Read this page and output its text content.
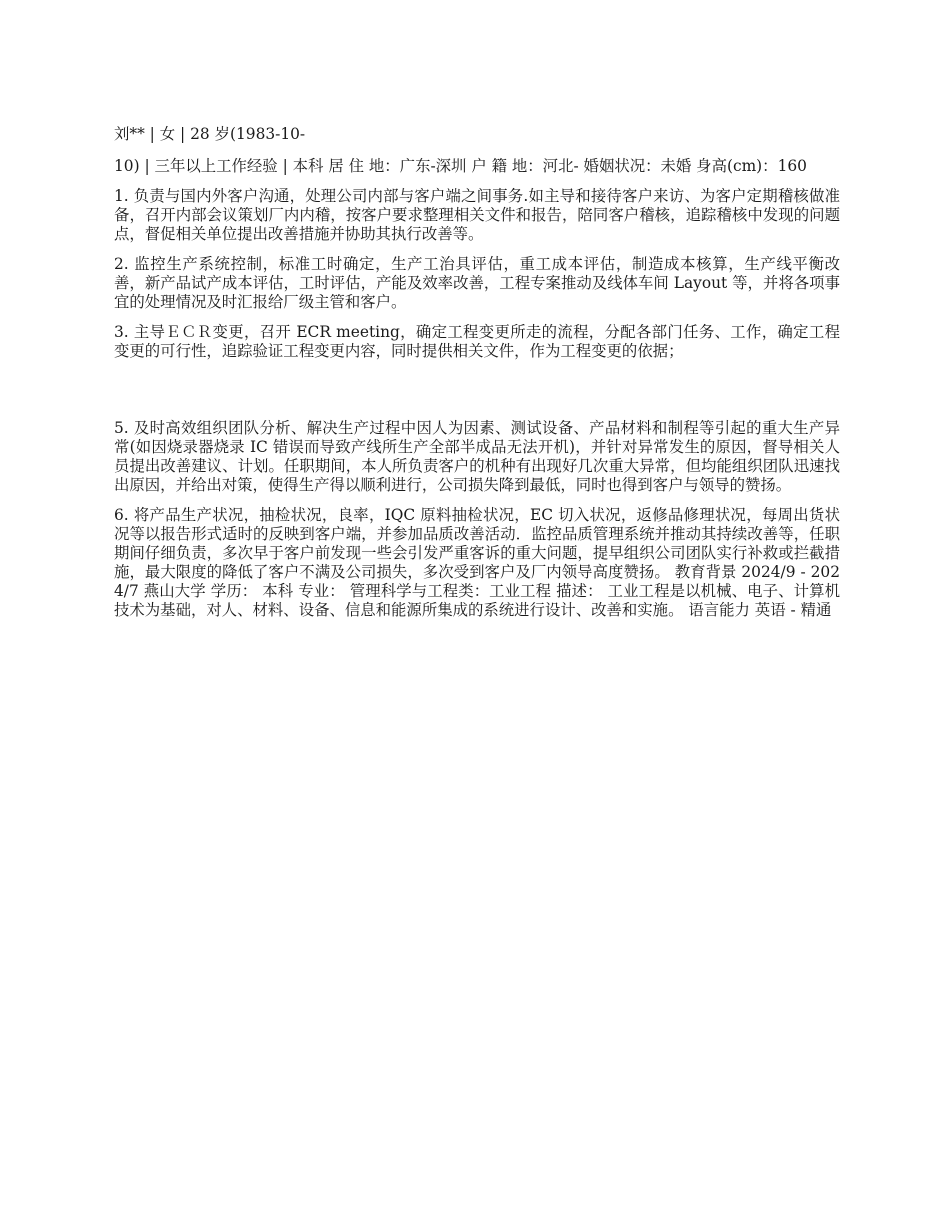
刘** | 女 | 28 岁(1983-10-

10) | 三年以上工作经验 | 本科 居 住 地：广东-深圳 户 籍 地：河北- 婚姻状况：未婚 身高(cm)：160

1. 负责与国内外客户沟通，处理公司内部与客户端之间事务.如主导和接待客户来访、为客户定期稽核做准备，召开内部会议策划厂内内稽，按客户要求整理相关文件和报告，陪同客户稽核，追踪稽核中发现的问题点，督促相关单位提出改善措施并协助其执行改善等。

2. 监控生产系统控制，标准工时确定，生产工治具评估，重工成本评估，制造成本核算，生产线平衡改善，新产品试产成本评估，工时评估，产能及效率改善，工程专案推动及线体车间 Layout 等，并将各项事宜的处理情况及时汇报给厂级主管和客户。

3. 主导ＥＣＲ变更，召开 ECR meeting，确定工程变更所走的流程，分配各部门任务、工作，确定工程变更的可行性，追踪验证工程变更内容，同时提供相关文件，作为工程变更的依据；

5. 及时高效组织团队分析、解决生产过程中因人为因素、测试设备、产品材料和制程等引起的重大生产异常(如因烧录器烧录 IC 错误而导致产线所生产全部半成品无法开机)，并针对异常发生的原因，督导相关人员提出改善建议、计划。任职期间，本人所负责客户的机种有出现好几次重大异常，但均能组织团队迅速找出原因，并给出对策，使得生产得以顺利进行，公司损失降到最低，同时也得到客户与领导的赞扬。

6. 将产品生产状况，抽检状况，良率，IQC 原料抽检状况，EC 切入状况，返修品修理状况，每周出货状况等以报告形式适时的反映到客户端，并参加品质改善活动．监控品质管理系统并推动其持续改善等，任职期间仔细负责，多次早于客户前发现一些会引发严重客诉的重大问题，提早组织公司团队实行补救或拦截措施，最大限度的降低了客户不满及公司损失，多次受到客户及厂内领导高度赞扬。 教育背景 2024/9 - 2024/7 燕山大学 学历： 本科 专业： 管理科学与工程类：工业工程 描述： 工业工程是以机械、电子、计算机技术为基础，对人、材料、设备、信息和能源所集成的系统进行设计、改善和实施。 语言能力 英语 - 精通
